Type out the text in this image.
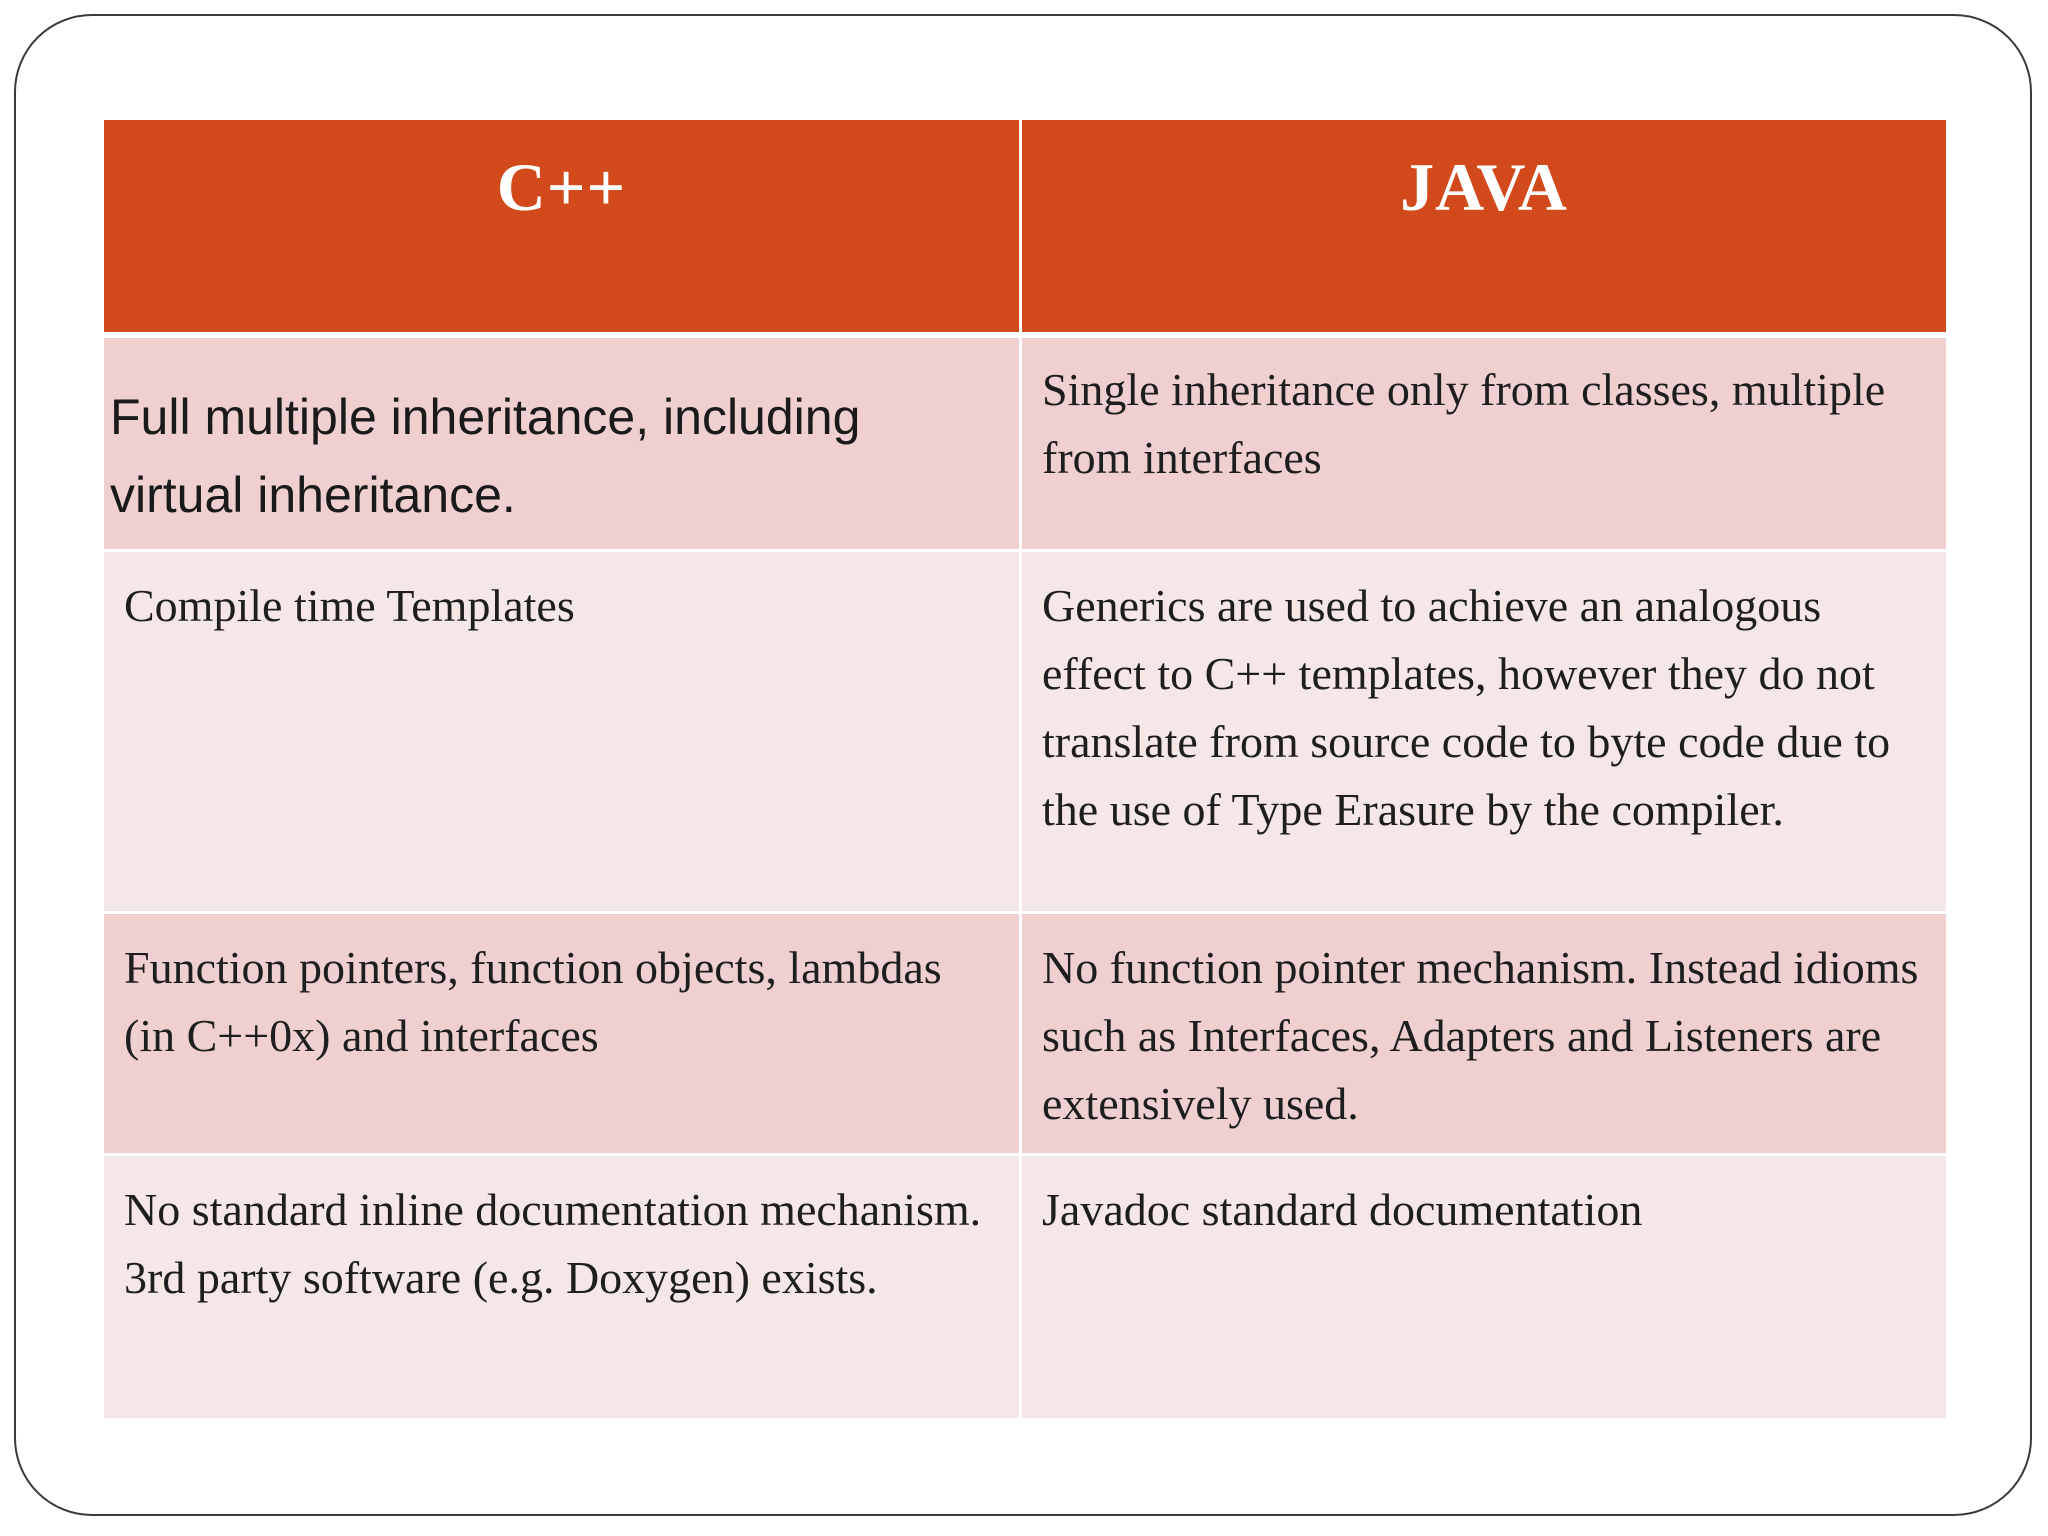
C++	JAVA
Full multiple inheritance, including virtual inheritance.
Single inheritance only from classes, multiple from interfaces
Compile time Templates	Generics are used to achieve an analogous effect to C++ templates, however they do not translate from source code to byte code due to the use of Type Erasure by the compiler.
Function pointers, function objects, lambdas (in C++0x) and interfaces
No function pointer mechanism. Instead idioms such as Interfaces, Adapters and Listeners are extensively used.
No standard inline documentation mechanism. 3rd party software (e.g. Doxygen) exists.
Javadoc standard documentation
